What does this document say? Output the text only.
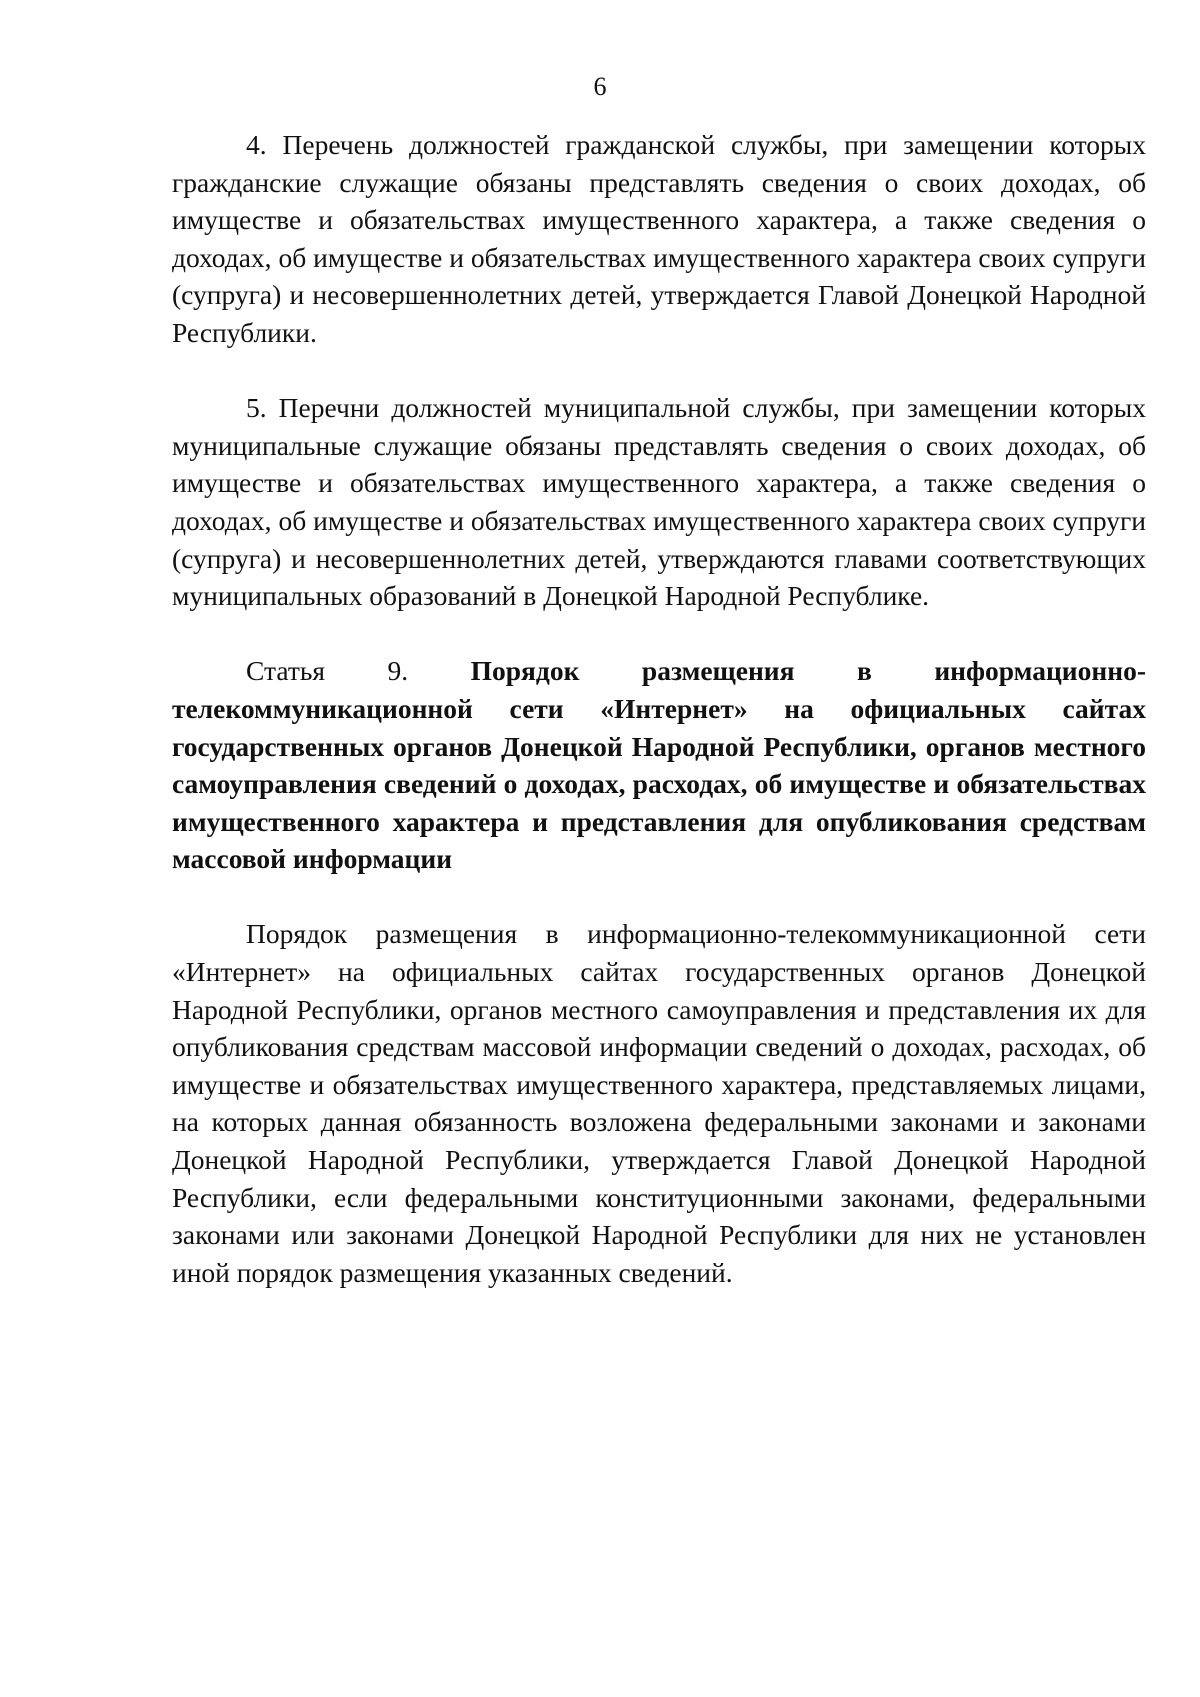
6

4. Перечень должностей гражданской службы, при замещении которых гражданские служащие обязаны представлять сведения о своих доходах, об имуществе и обязательствах имущественного характера, а также сведения о доходах, об имуществе и обязательствах имущественного характера своих супруги (супруга) и несовершеннолетних детей, утверждается Главой Донецкой Народной Республики.

5. Перечни должностей муниципальной службы, при замещении которых муниципальные служащие обязаны представлять сведения о своих доходах, об имуществе и обязательствах имущественного характера, а также сведения о доходах, об имуществе и обязательствах имущественного характера своих супруги (супруга) и несовершеннолетних детей, утверждаются главами соответствующих муниципальных образований в Донецкой Народной Республике.

Статья 9. Порядок размещения в информационно-телекоммуникационной сети «Интернет» на официальных сайтах государственных органов Донецкой Народной Республики, органов местного самоуправления сведений о доходах, расходах, об имуществе и обязательствах имущественного характера и представления для опубликования средствам массовой информации

Порядок размещения в информационно-телекоммуникационной сети «Интернет» на официальных сайтах государственных органов Донецкой Народной Республики, органов местного самоуправления и представления их для опубликования средствам массовой информации сведений о доходах, расходах, об имуществе и обязательствах имущественного характера, представляемых лицами, на которых данная обязанность возложена федеральными законами и законами Донецкой Народной Республики, утверждается Главой Донецкой Народной Республики, если федеральными конституционными законами, федеральными законами или законами Донецкой Народной Республики для них не установлен иной порядок размещения указанных сведений.
